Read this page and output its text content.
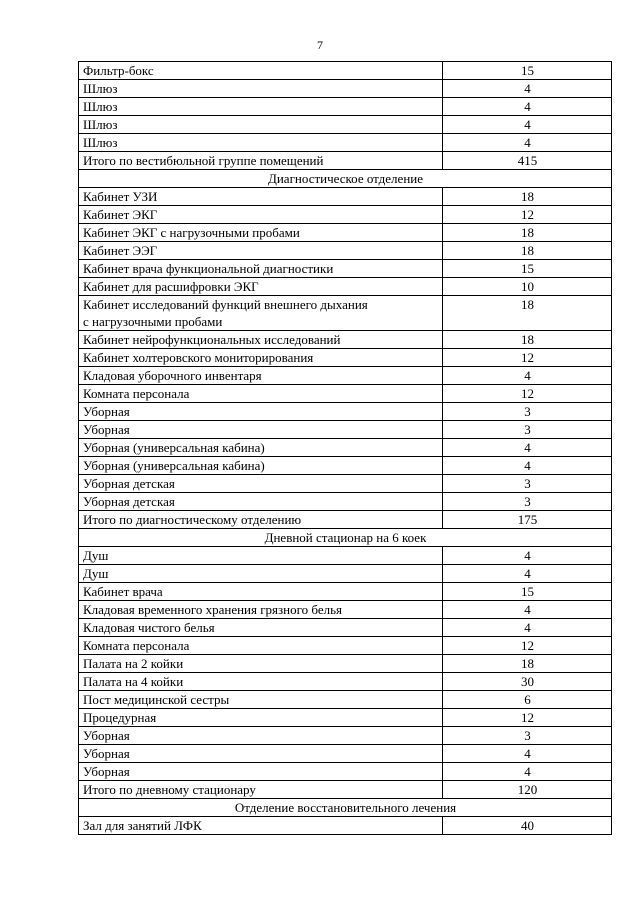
7
Фильтр-бокс	15
Шлюз	4
Шлюз	4
Шлюз	4
Шлюз	4
Итого по вестибюльной группе помещений	415
Диагностическое отделение	
Кабинет УЗИ	18
Кабинет ЭКГ	12
Кабинет ЭКГ с нагрузочными пробами	18
Кабинет ЭЭГ	18
Кабинет врача функциональной диагностики	15
Кабинет для расшифровки ЭКГ	10

Кабинет исследований функций внешнего дыхания
с нагрузочными пробами	18
Кабинет нейрофункциональных исследований	18
Кабинет холтеровского мониторирования	12
Кладовая уборочного инвентаря	4
Комната персонала	12
Уборная	3
Уборная	3
Уборная (универсальная кабина)	4
Уборная (универсальная кабина)	4
Уборная детская	3
Уборная детская	3
Итого по диагностическому отделению	175
Дневной стационар на 6 коек	
Душ	4
Душ	4
Кабинет врача	15
Кладовая временного хранения грязного белья	4
Кладовая чистого белья	4
Комната персонала	12
Палата на 2 койки	18
Палата на 4 койки	30
Пост медицинской сестры	6
Процедурная	12
Уборная	3
Уборная	4
Уборная	4
Итого по дневному стационару	120
Отделение восстановительного лечения	
Зал для занятий ЛФК	40
